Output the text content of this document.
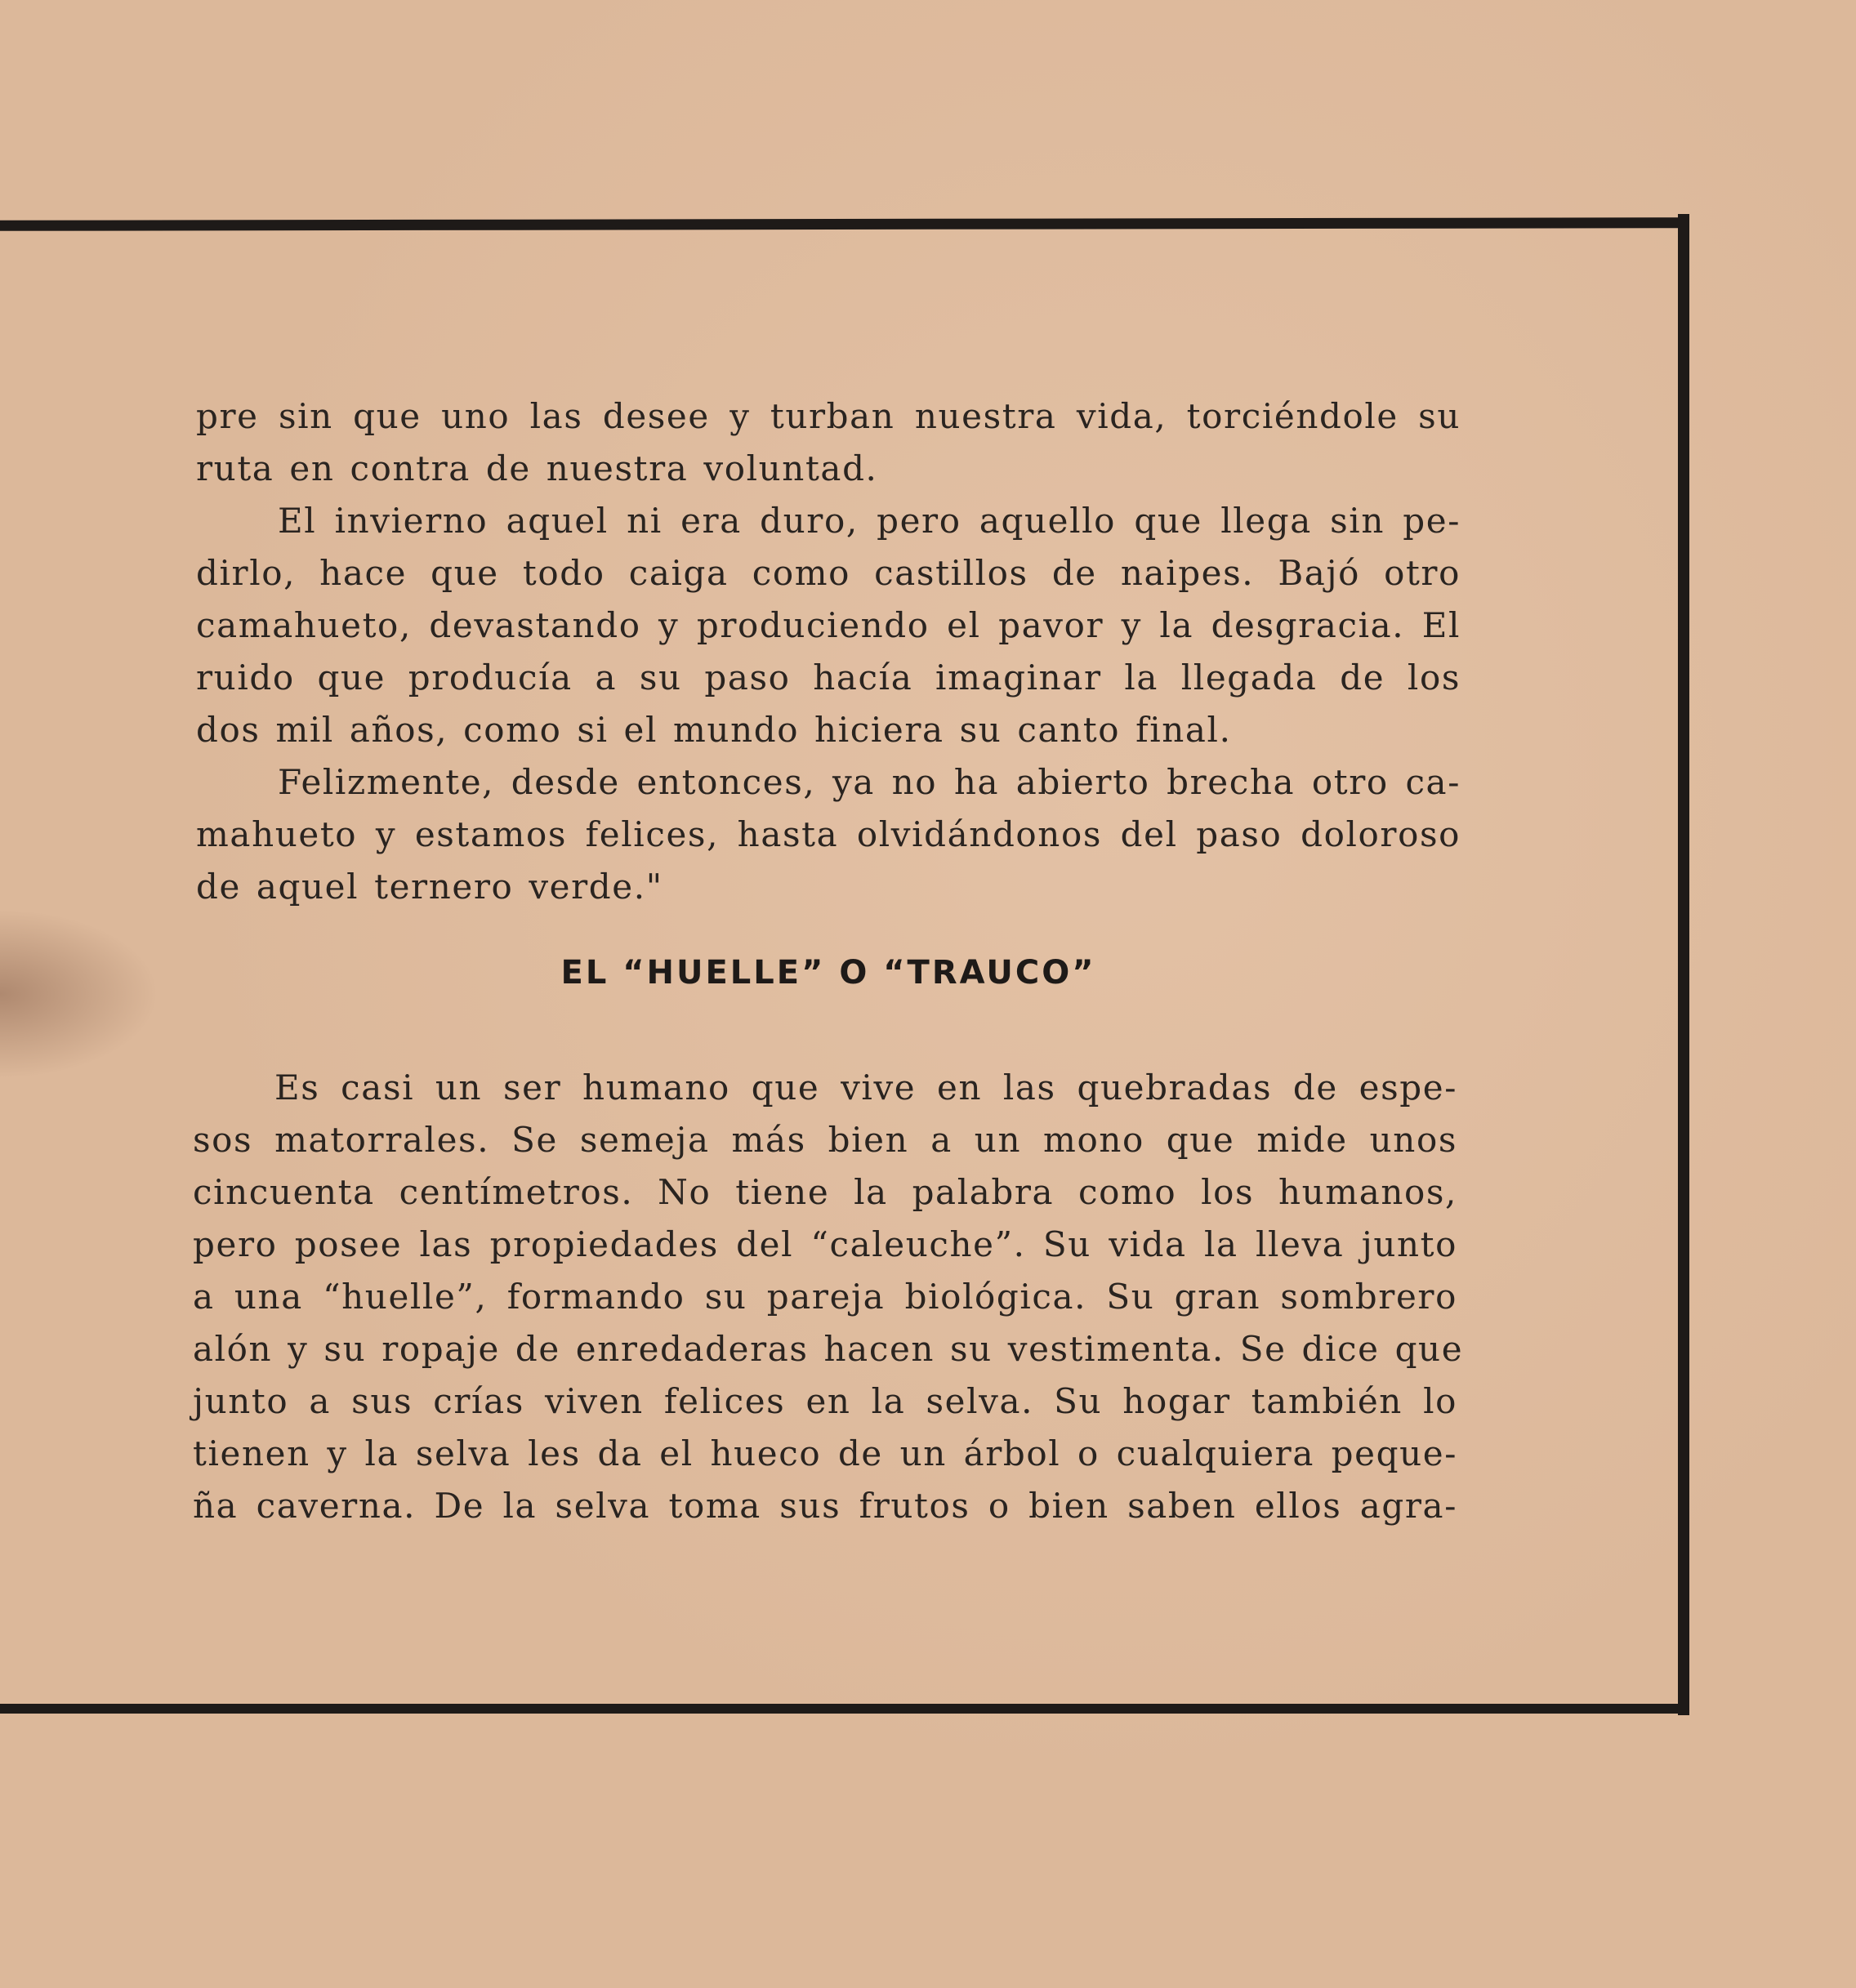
pre sin que uno las desee y turban nuestra vida, torciéndole su
ruta en contra de nuestra voluntad.
El invierno aquel ni era duro, pero aquello que llega sin pe-
dirlo, hace que todo caiga como castillos de naipes. Bajó otro
camahueto, devastando y produciendo el pavor y la desgracia. El
ruido que producía a su paso hacía imaginar la llegada de los
dos mil años, como si el mundo hiciera su canto final.
Felizmente, desde entonces, ya no ha abierto brecha otro ca-
mahueto y estamos felices, hasta olvidándonos del paso doloroso
de aquel ternero verde."
EL “HUELLE” O “TRAUCO”
Es casi un ser humano que vive en las quebradas de espe-
sos matorrales. Se semeja más bien a un mono que mide unos
cincuenta centímetros. No tiene la palabra como los humanos,
pero posee las propiedades del “caleuche”. Su vida la lleva junto
a una “huelle”, formando su pareja biológica. Su gran sombrero
alón y su ropaje de enredaderas hacen su vestimenta. Se dice que
junto a sus crías viven felices en la selva. Su hogar también lo
tienen y la selva les da el hueco de un árbol o cualquiera peque-
ña caverna. De la selva toma sus frutos o bien saben ellos agra-
